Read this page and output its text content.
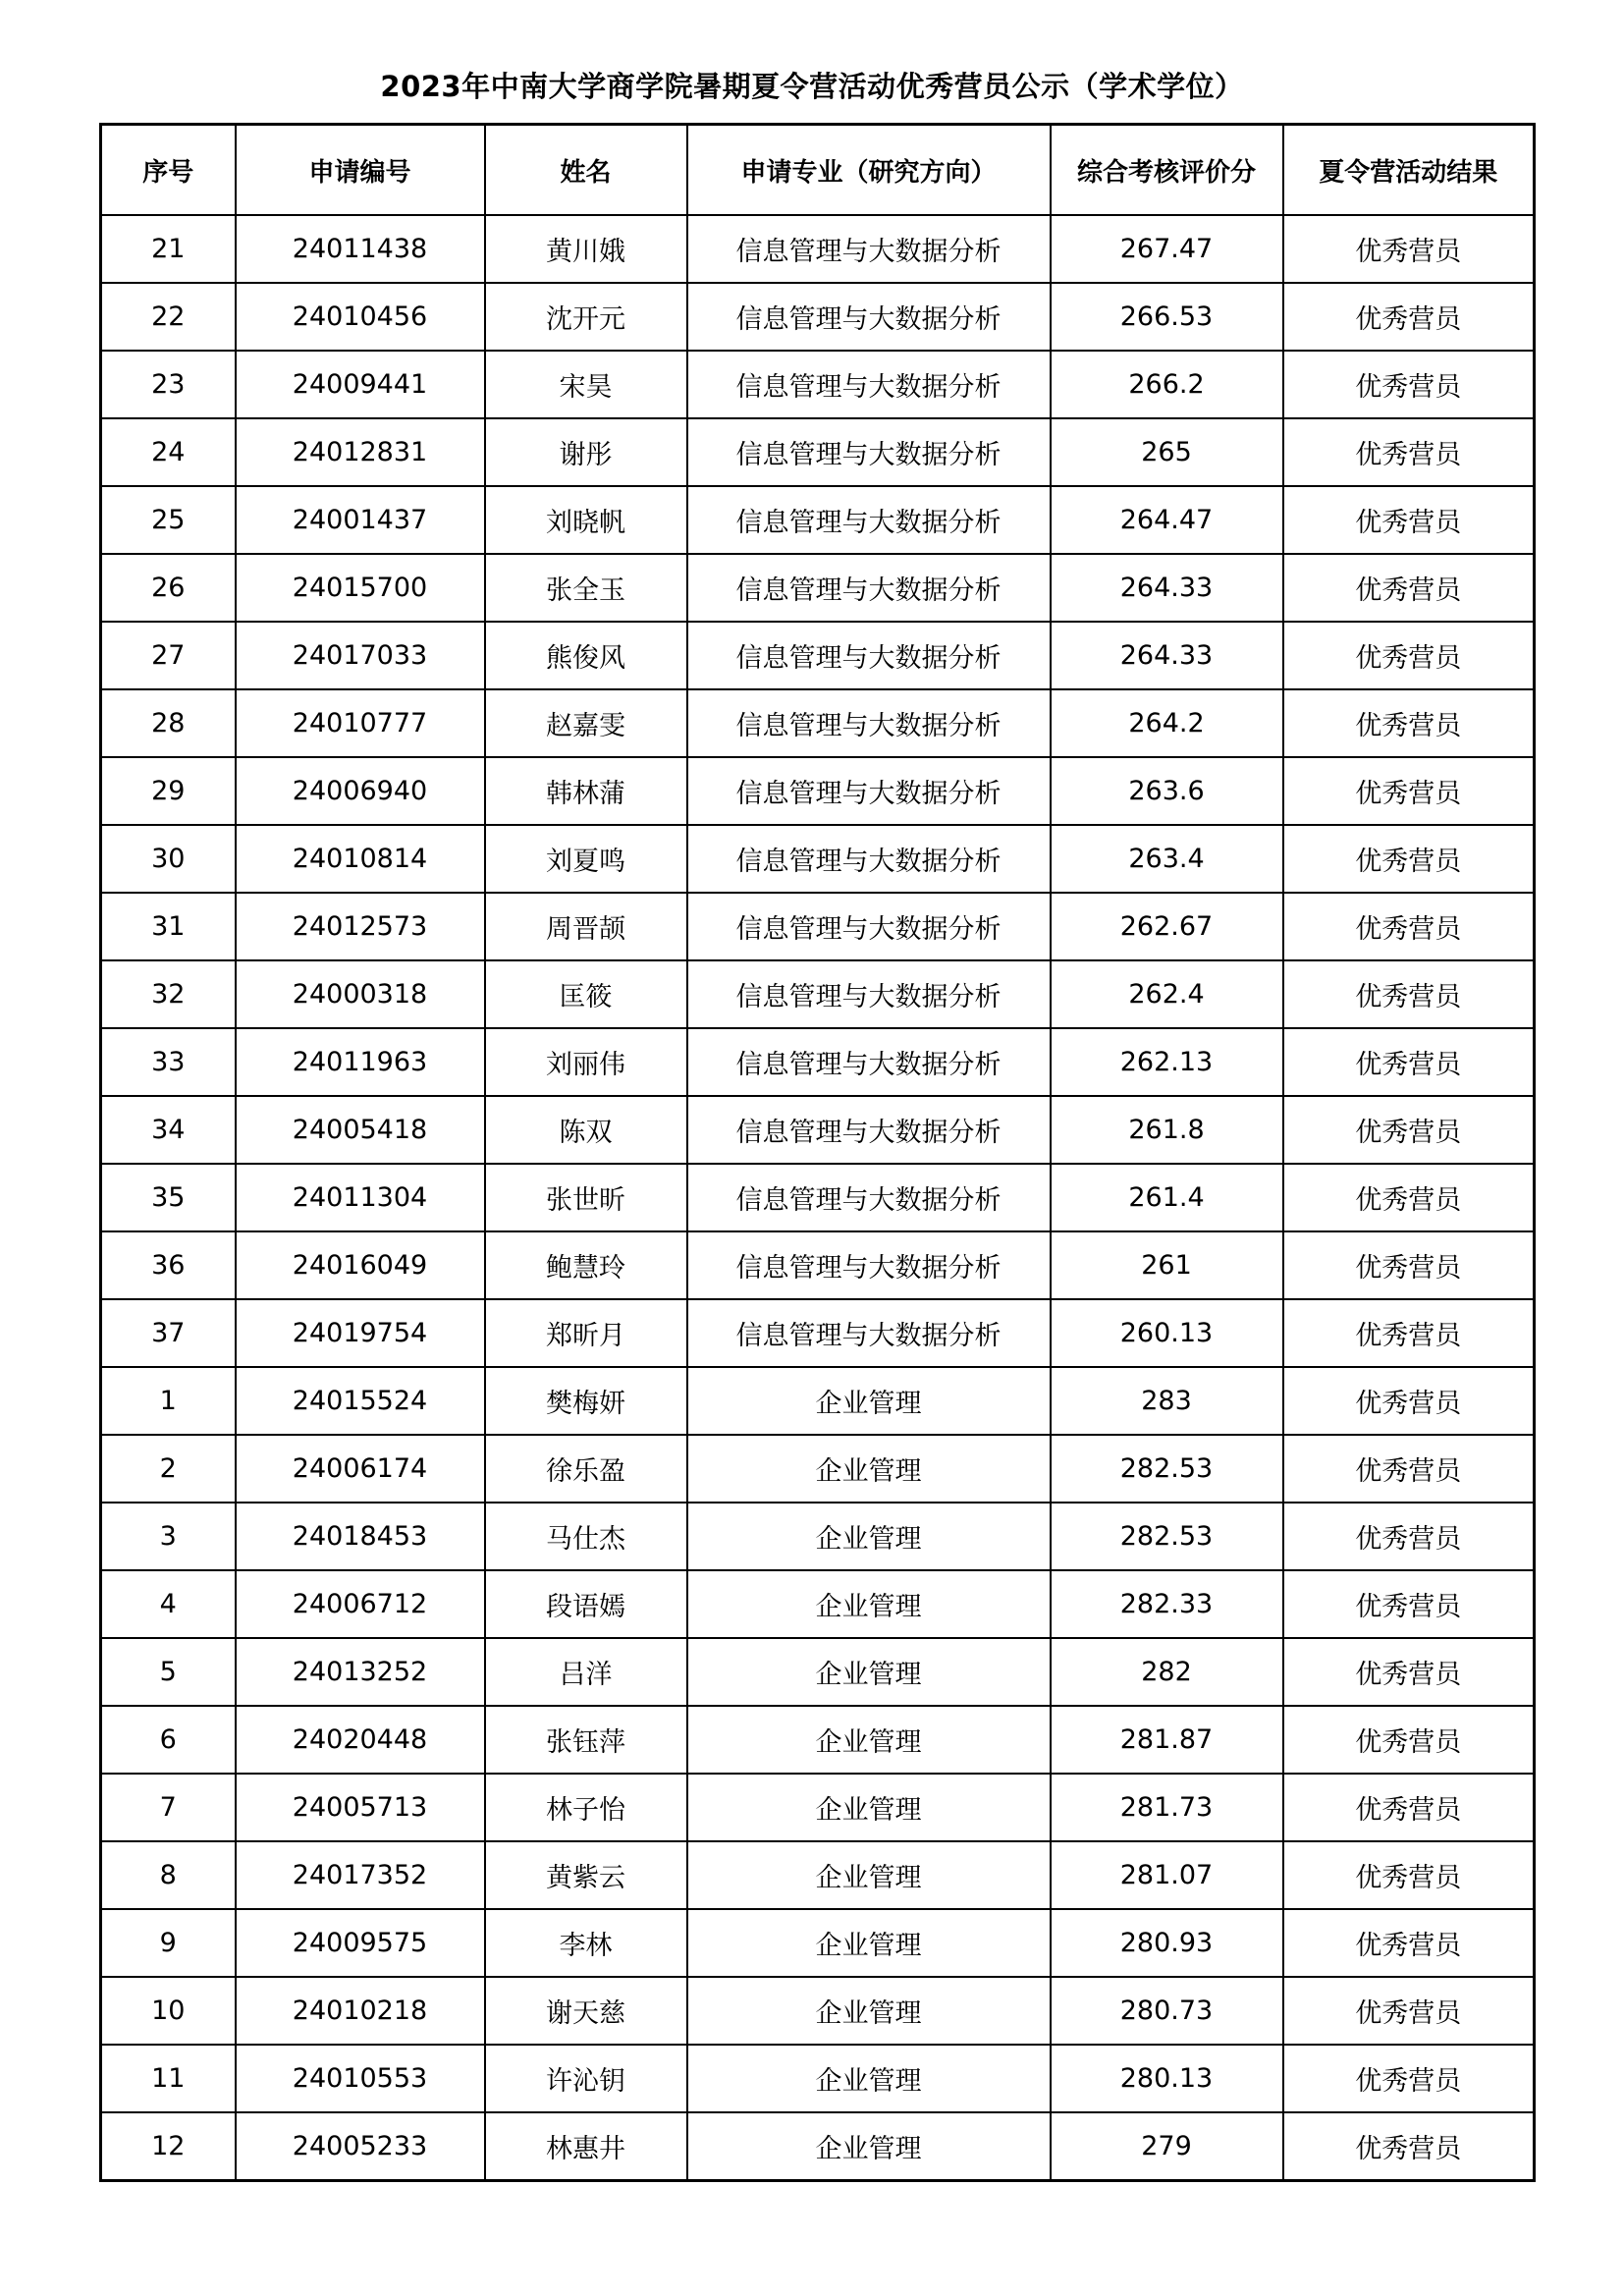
2023年中南大学商学院暑期夏令营活动优秀营员公示（学术学位）
序号	申请编号	姓名	申请专业（研究方向）	综合考核评价分	夏令营活动结果
21	24011438	黄川娥	信息管理与大数据分析	267.47	优秀营员
22	24010456	沈开元	信息管理与大数据分析	266.53	优秀营员
23	24009441	宋昊	信息管理与大数据分析	266.2	优秀营员
24	24012831	谢彤	信息管理与大数据分析	265	优秀营员
25	24001437	刘晓帆	信息管理与大数据分析	264.47	优秀营员
26	24015700	张全玉	信息管理与大数据分析	264.33	优秀营员
27	24017033	熊俊风	信息管理与大数据分析	264.33	优秀营员
28	24010777	赵嘉雯	信息管理与大数据分析	264.2	优秀营员
29	24006940	韩林蒲	信息管理与大数据分析	263.6	优秀营员
30	24010814	刘夏鸣	信息管理与大数据分析	263.4	优秀营员
31	24012573	周晋颉	信息管理与大数据分析	262.67	优秀营员
32	24000318	匡筱	信息管理与大数据分析	262.4	优秀营员
33	24011963	刘丽伟	信息管理与大数据分析	262.13	优秀营员
34	24005418	陈双	信息管理与大数据分析	261.8	优秀营员
35	24011304	张世昕	信息管理与大数据分析	261.4	优秀营员
36	24016049	鲍慧玲	信息管理与大数据分析	261	优秀营员
37	24019754	郑昕月	信息管理与大数据分析	260.13	优秀营员
1	24015524	樊梅妍	企业管理	283	优秀营员
2	24006174	徐乐盈	企业管理	282.53	优秀营员
3	24018453	马仕杰	企业管理	282.53	优秀营员
4	24006712	段语嫣	企业管理	282.33	优秀营员
5	24013252	吕洋	企业管理	282	优秀营员
6	24020448	张钰萍	企业管理	281.87	优秀营员
7	24005713	林子怡	企业管理	281.73	优秀营员
8	24017352	黄紫云	企业管理	281.07	优秀营员
9	24009575	李林	企业管理	280.93	优秀营员
10	24010218	谢天慈	企业管理	280.73	优秀营员
11	24010553	许沁钥	企业管理	280.13	优秀营员
12	24005233	林惠井	企业管理	279	优秀营员
